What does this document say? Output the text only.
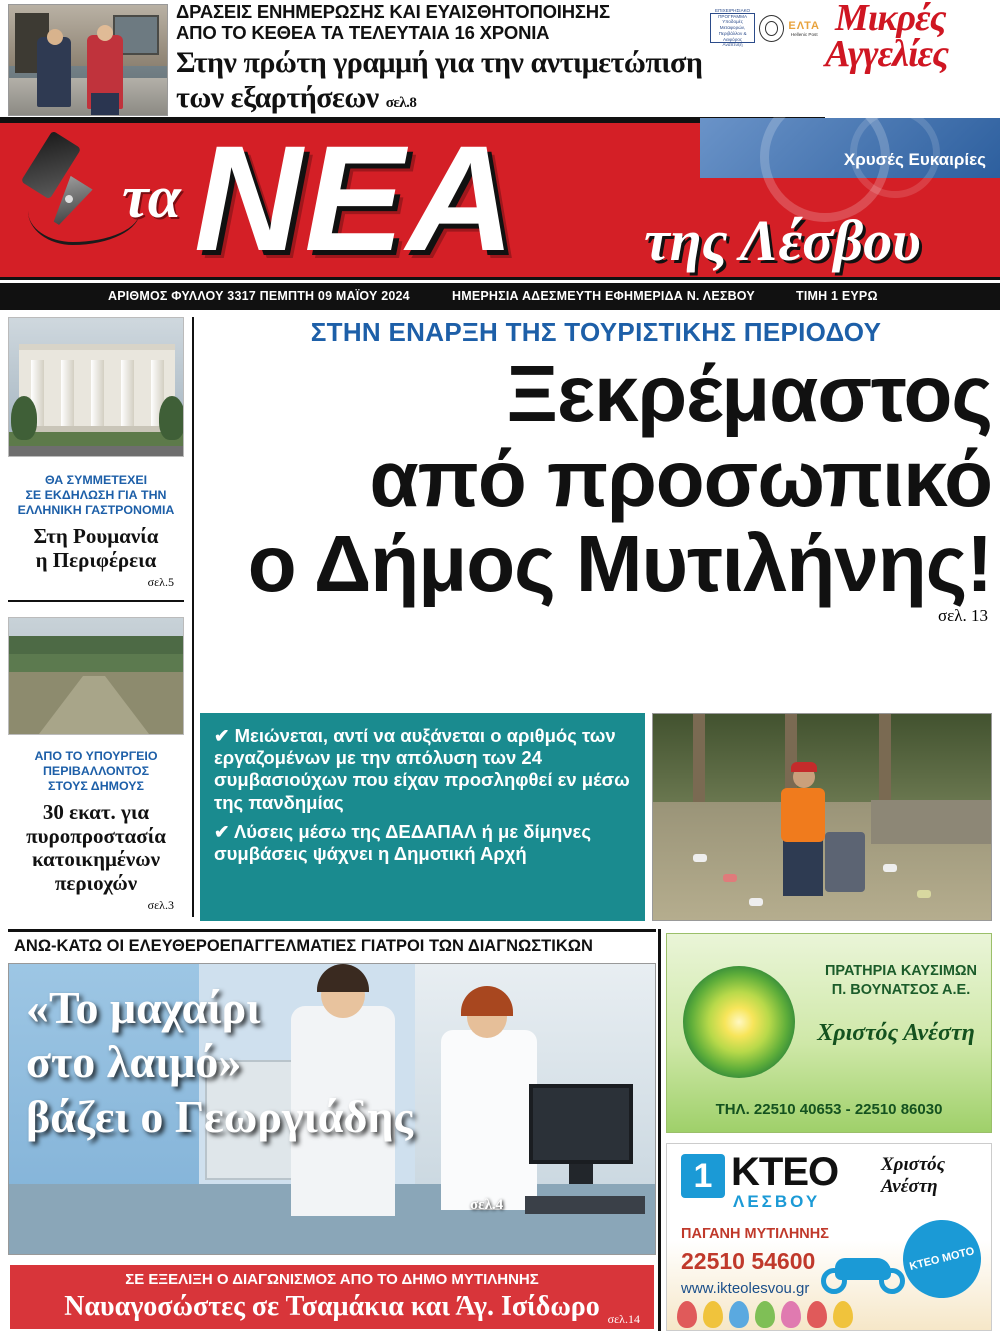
ΔΡΑΣΕΙΣ ΕΝΗΜΕΡΩΣΗΣ ΚΑΙ ΕΥΑΙΣΘΗΤΟΠΟΙΗΣΗΣ
ΑΠΟ ΤΟ ΚΕΘΕΑ ΤΑ ΤΕΛΕΥΤΑΙΑ 16 ΧΡΟΝΙΑ
Στην πρώτη γραμμή για την αντιμετώπιση
των εξαρτήσεων σελ.8
ΕΠΙΧΕΙΡΗΣΙΑΚΟ ΠΡΟΓΡΑΜΜΑ Υποδομές Μεταφορών, Περιβάλλον & Αειφόρος Ανάπτυξη
ΕΛΤΑ
Hellenic Post Μικρές
Αγγελίες
Χρυσές Ευκαιρίες
τα ΝΕΑ της Λέσβου
ΑΡΙΘΜΟΣ ΦΥΛΛΟΥ 3317 ΠΕΜΠΤΗ 09 ΜΑΪΟΥ 2024	ΗΜΕΡΗΣΙΑ ΑΔΕΣΜΕΥΤΗ ΕΦΗΜΕΡΙΔΑ Ν. ΛΕΣΒΟΥ	ΤΙΜΗ 1 ΕΥΡΩ
ΘΑ ΣΥΜΜΕΤΕΧΕΙ
ΣΕ ΕΚΔΗΛΩΣΗ ΓΙΑ ΤΗΝ
ΕΛΛΗΝΙΚΗ ΓΑΣΤΡΟΝΟΜΙΑ
Στη Ρουμανία
η Περιφέρεια
σελ.5
ΑΠΟ ΤΟ ΥΠΟΥΡΓΕΙΟ
ΠΕΡΙΒΑΛΛΟΝΤΟΣ
ΣΤΟΥΣ ΔΗΜΟΥΣ
30 εκατ. για
πυροπροστασία
κατοικημένων
περιοχών
σελ.3
ΣΤΗΝ ΕΝΑΡΞΗ ΤΗΣ ΤΟΥΡΙΣΤΙΚΗΣ ΠΕΡΙΟΔΟΥ
Ξεκρέμαστος
από προσωπικό
ο Δήμος Μυτιλήνης!
σελ. 13

✔ Μειώνεται, αντί να αυξάνεται ο αριθμός των εργαζομένων με την απόλυση των 24 συμβασιούχων που είχαν προσληφθεί εν μέσω της πανδημίας

✔ Λύσεις μέσω της ΔΕΔΑΠΑΛ ή με δίμηνες συμβάσεις ψάχνει η Δημοτική Αρχή

ΑΝΩ-ΚΑΤΩ ΟΙ ΕΛΕΥΘΕΡΟΕΠΑΓΓΕΛΜΑΤΙΕΣ ΓΙΑΤΡΟΙ ΤΩΝ ΔΙΑΓΝΩΣΤΙΚΩΝ
«Το μαχαίρι
στο λαιμό»
βάζει ο Γεωργιάδης
σελ.4
ΣΕ ΕΞΕΛΙΞΗ Ο ΔΙΑΓΩΝΙΣΜΟΣ ΑΠΟ ΤΟ ΔΗΜΟ ΜΥΤΙΛΗΝΗΣ
Ναυαγοσώστες σε Τσαμάκια και Άγ. Ισίδωρο σελ.14
ΠΡΑΤΗΡΙΑ ΚΑΥΣΙΜΩΝ
Π. ΒΟΥΝΑΤΣΟΣ Α.Ε.
Χριστός Ανέστη
ΤΗΛ. 22510 40653 - 22510 86030
1 ΚΤΕΟ
ΛΕΣΒΟΥ
Χριστός Ανέστη
ΠΑΓΑΝΗ ΜΥΤΙΛΗΝΗΣ
22510 54600
www.ikteolesvou.gr
ΚΤΕΟ ΜΟΤΟ
